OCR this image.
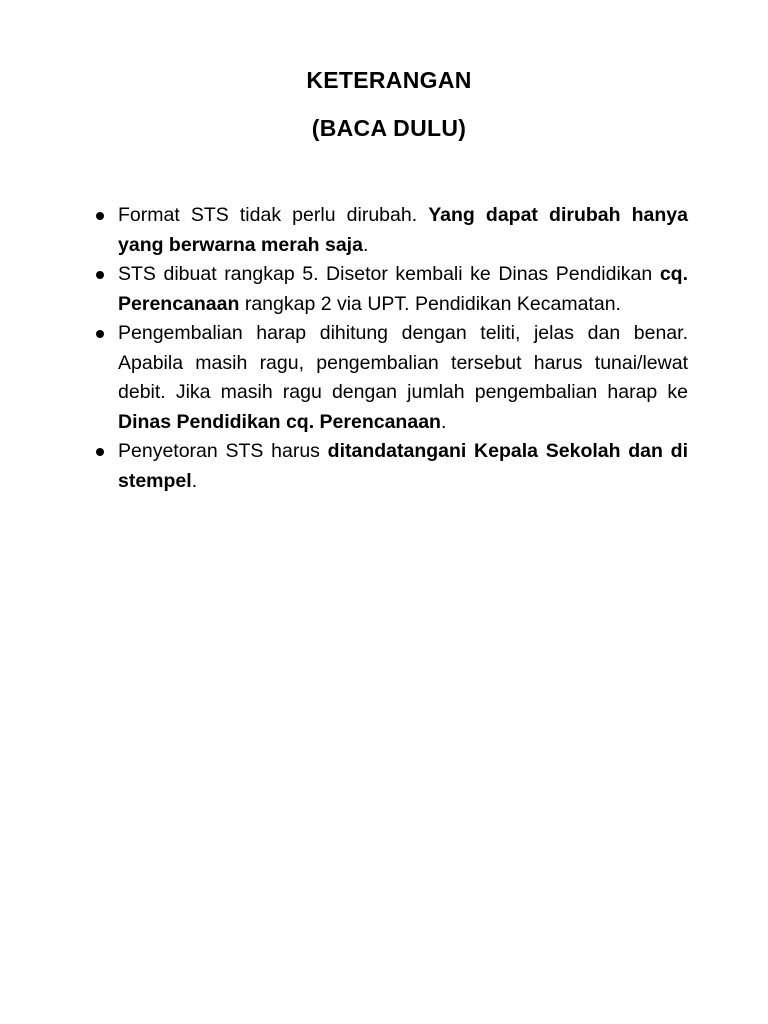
KETERANGAN
(BACA DULU)
Format STS tidak perlu dirubah. Yang dapat dirubah hanya yang berwarna merah saja.
STS dibuat rangkap 5. Disetor kembali ke Dinas Pendidikan cq. Perencanaan rangkap 2 via UPT. Pendidikan Kecamatan.
Pengembalian harap dihitung dengan teliti, jelas dan benar. Apabila masih ragu, pengembalian tersebut harus tunai/lewat debit. Jika masih ragu dengan jumlah pengembalian harap ke Dinas Pendidikan cq. Perencanaan.
Penyetoran STS harus ditandatangani Kepala Sekolah dan di stempel.
